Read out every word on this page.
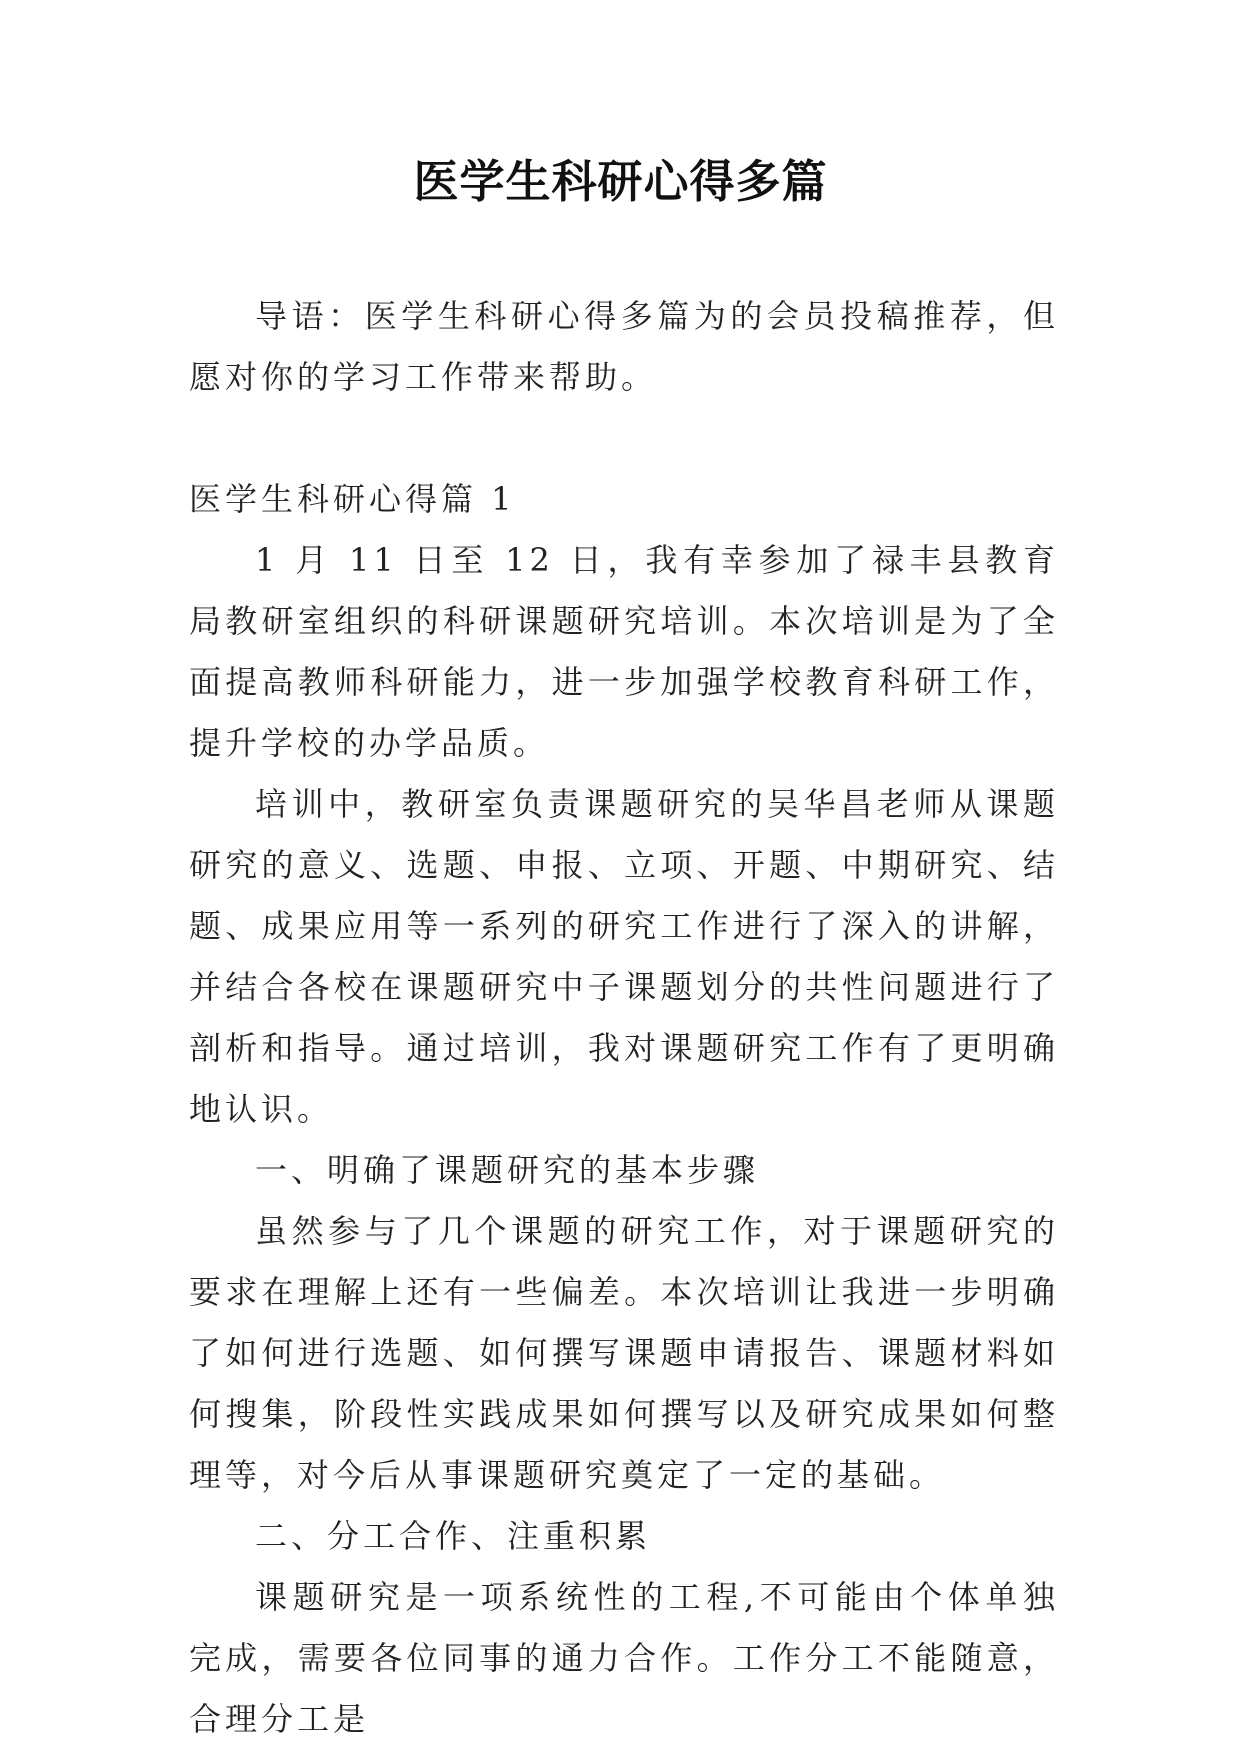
医学生科研心得多篇

导语：医学生科研心得多篇为的会员投稿推荐，但愿对你的学习工作带来帮助。

医学生科研心得篇 1

1 月 11 日至 12 日，我有幸参加了禄丰县教育局教研室组织的科研课题研究培训。本次培训是为了全面提高教师科研能力，进一步加强学校教育科研工作，提升学校的办学品质。

培训中，教研室负责课题研究的吴华昌老师从课题研究的意义、选题、申报、立项、开题、中期研究、结题、成果应用等一系列的研究工作进行了深入的讲解，并结合各校在课题研究中子课题划分的共性问题进行了剖析和指导。通过培训，我对课题研究工作有了更明确地认识。

一、明确了课题研究的基本步骤

虽然参与了几个课题的研究工作，对于课题研究的要求在理解上还有一些偏差。本次培训让我进一步明确了如何进行选题、如何撰写课题申请报告、课题材料如何搜集，阶段性实践成果如何撰写以及研究成果如何整理等，对今后从事课题研究奠定了一定的基础。

二、分工合作、注重积累

课题研究是一项系统性的工程,不可能由个体单独完成，需要各位同事的通力合作。工作分工不能随意，合理分工是
